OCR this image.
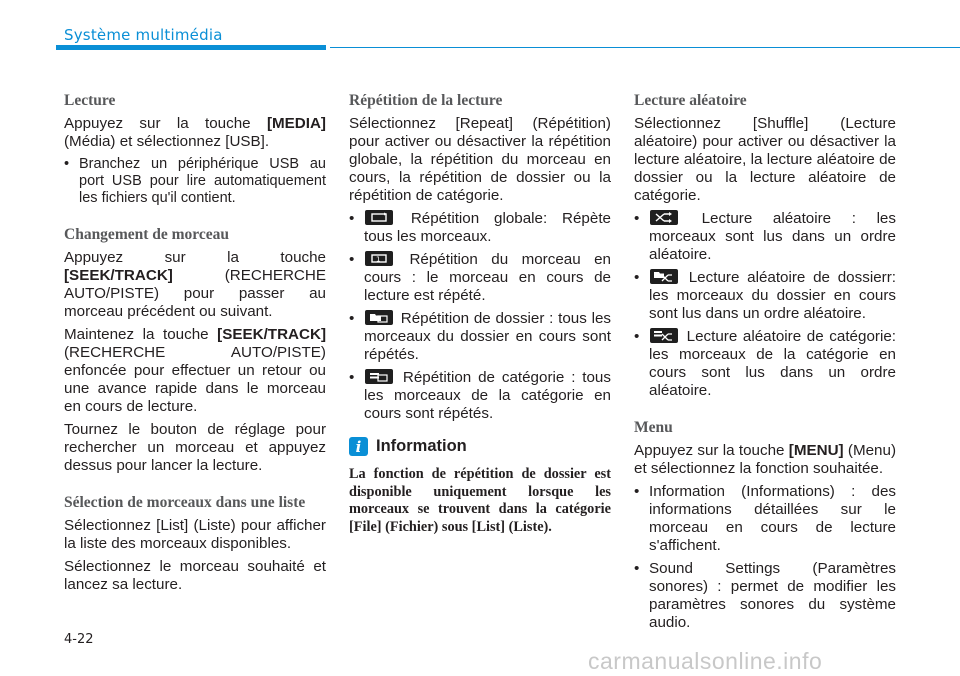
Système multimédia
Lecture

Appuyez sur la touche [MEDIA] (Média) et sélectionnez [USB].

• Branchez un périphérique USB au port USB pour lire automatiquement les fichiers qu'il contient.
Changement de morceau

Appuyez sur la touche [SEEK/TRACK] (RECHERCHE AUTO/PISTE) pour passer au morceau précédent ou suivant.

Maintenez la touche [SEEK/TRACK] (RECHERCHE AUTO/PISTE) enfoncée pour effectuer un retour ou une avance rapide dans le morceau en cours de lecture.

Tournez le bouton de réglage pour rechercher un morceau et appuyez dessus pour lancer la lecture.

Sélection de morceaux dans une liste

Sélectionnez [List] (Liste) pour afficher la liste des morceaux disponibles.

Sélectionnez le morceau souhaité et lancez sa lecture.

Répétition de la lecture

Sélectionnez [Repeat] (Répétition) pour activer ou désactiver la répétition globale, la répétition du morceau en cours, la répétition de dossier ou la répétition de catégorie.

•	Répétition globale: Répète tous les morceaux.
•	1 Répétition du morceau en cours : le morceau en cours de lecture est répété.
•	Répétition de dossier : tous les morceaux du dossier en cours sont répétés.
•	Répétition de catégorie : tous les morceaux de la catégorie en cours sont répétés.
i Information

La fonction de répétition de dossier est disponible uniquement lorsque les morceaux se trouvent dans la catégorie [File] (Fichier) sous [List] (Liste).

Lecture aléatoire

Sélectionnez [Shuffle] (Lecture aléatoire) pour activer ou désactiver la lecture aléatoire, la lecture aléatoire de dossier ou la lecture aléatoire de catégorie.

•	Lecture aléatoire : les morceaux sont lus dans un ordre aléatoire.
•	Lecture aléatoire de dossierr: les morceaux du dossier en cours sont lus dans un ordre aléatoire.
•	Lecture aléatoire de catégorie: les morceaux de la catégorie en cours sont lus dans un ordre aléatoire.
Menu

Appuyez sur la touche [MENU] (Menu) et sélectionnez la fonction souhaitée.

• Information (Informations) : des informations détaillées sur le morceau en cours de lecture s'affichent.
• Sound Settings (Paramètres sonores) : permet de modifier les paramètres sonores du système audio.
4-22
carmanualsonline.info
